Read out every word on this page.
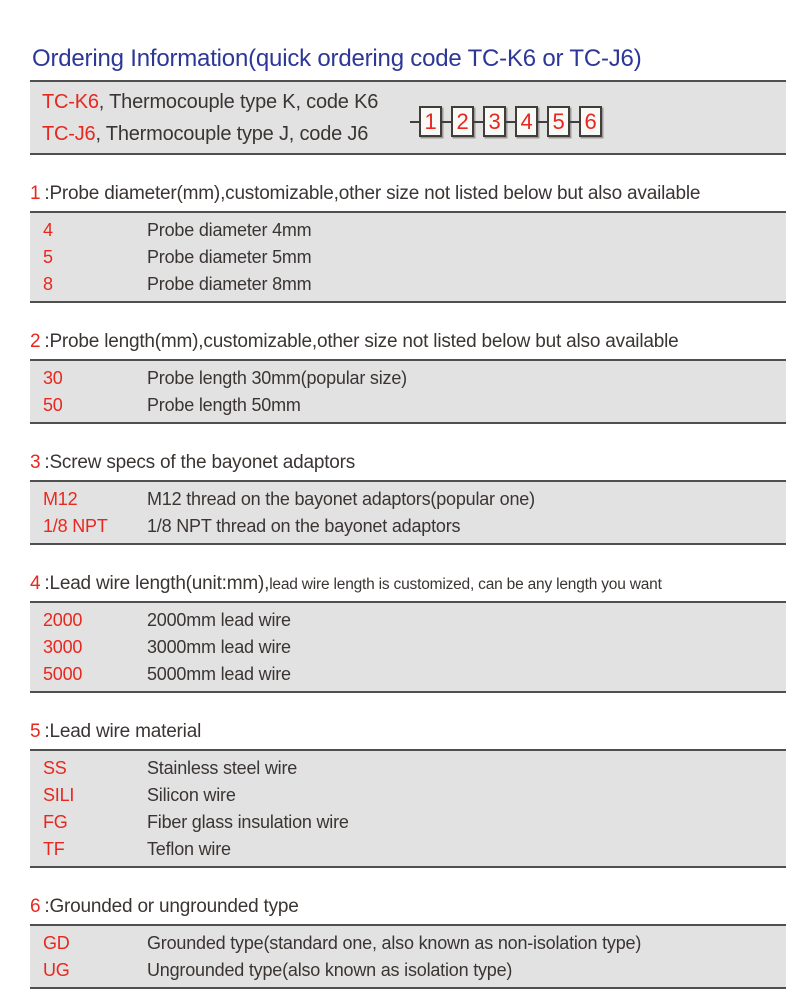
Ordering Information(quick ordering code TC-K6 or TC-J6)
TC-K6, Thermocouple type K, code K6
TC-J6, Thermocouple type J, code J6	1 2 3 4 5 6
1 :Probe diameter(mm),customizable,other size not listed below but also available
4	Probe diameter 4mm
5	Probe diameter 5mm
8	Probe diameter 8mm
2 :Probe length(mm),customizable,other size not listed below but also available
30	Probe length 30mm(popular size)
50	Probe length 50mm
3 :Screw specs of the bayonet adaptors
M12	M12 thread on the bayonet adaptors(popular one)
1/8 NPT	1/8 NPT thread on the bayonet adaptors
4 :Lead wire length(unit:mm),lead wire length is customized, can be any length you want
2000	2000mm lead wire
3000	3000mm lead wire
5000	5000mm lead wire
5 :Lead wire material
SS	Stainless steel wire
SILI	Silicon wire
FG	Fiber glass insulation wire
TF	Teflon wire
6 :Grounded or ungrounded type
GD	Grounded type(standard one, also known as non-isolation type)
UG	Ungrounded type(also known as isolation type)
